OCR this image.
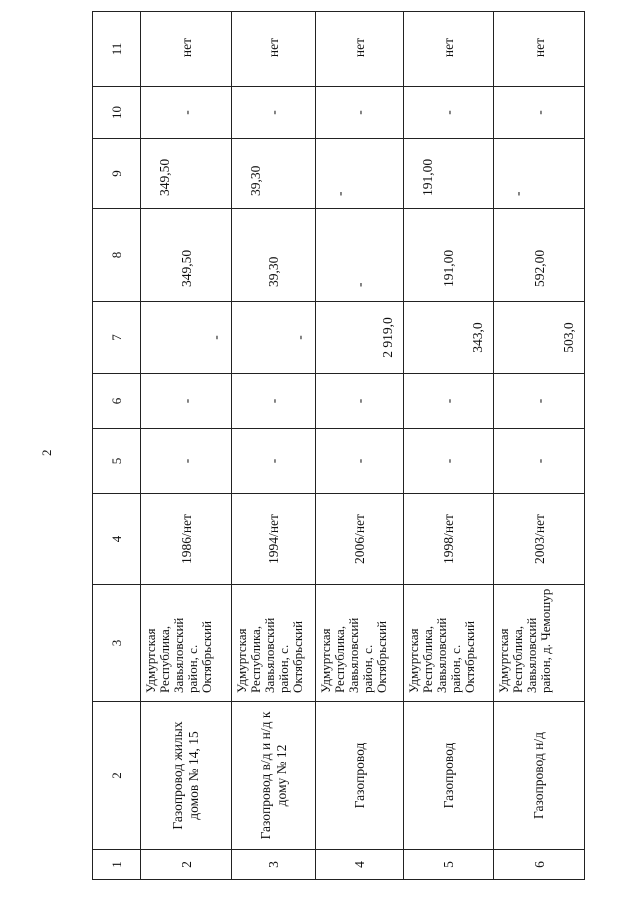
2
1	2	3	4	5	6	7	8	9	10	11
2	Газопровод жилых домов № 14, 15	Удмуртская Республика, Завьяловский район, с. Октябрьский	1986/нет	-	-	-	349,50	349,50	-	нет
3	Газопровод в/д и н/д к дому № 12	Удмуртская Республика, Завьяловский район, с. Октябрьский	1994/нет	-	-	-	39,30	39,30	-	нет
4	Газопровод	Удмуртская Республика, Завьяловский район, с. Октябрьский	2006/нет	-	-	2 919,0	-	-	-	нет
5	Газопровод	Удмуртская Республика, Завьяловский район, с. Октябрьский	1998/нет	-	-	343,0	191,00	191,00	-	нет
6	Газопровод н/д	Удмуртская Республика, Завьяловский район, д. Чемошур	2003/нет	-	-	503,0	592,00	-	-	нет
